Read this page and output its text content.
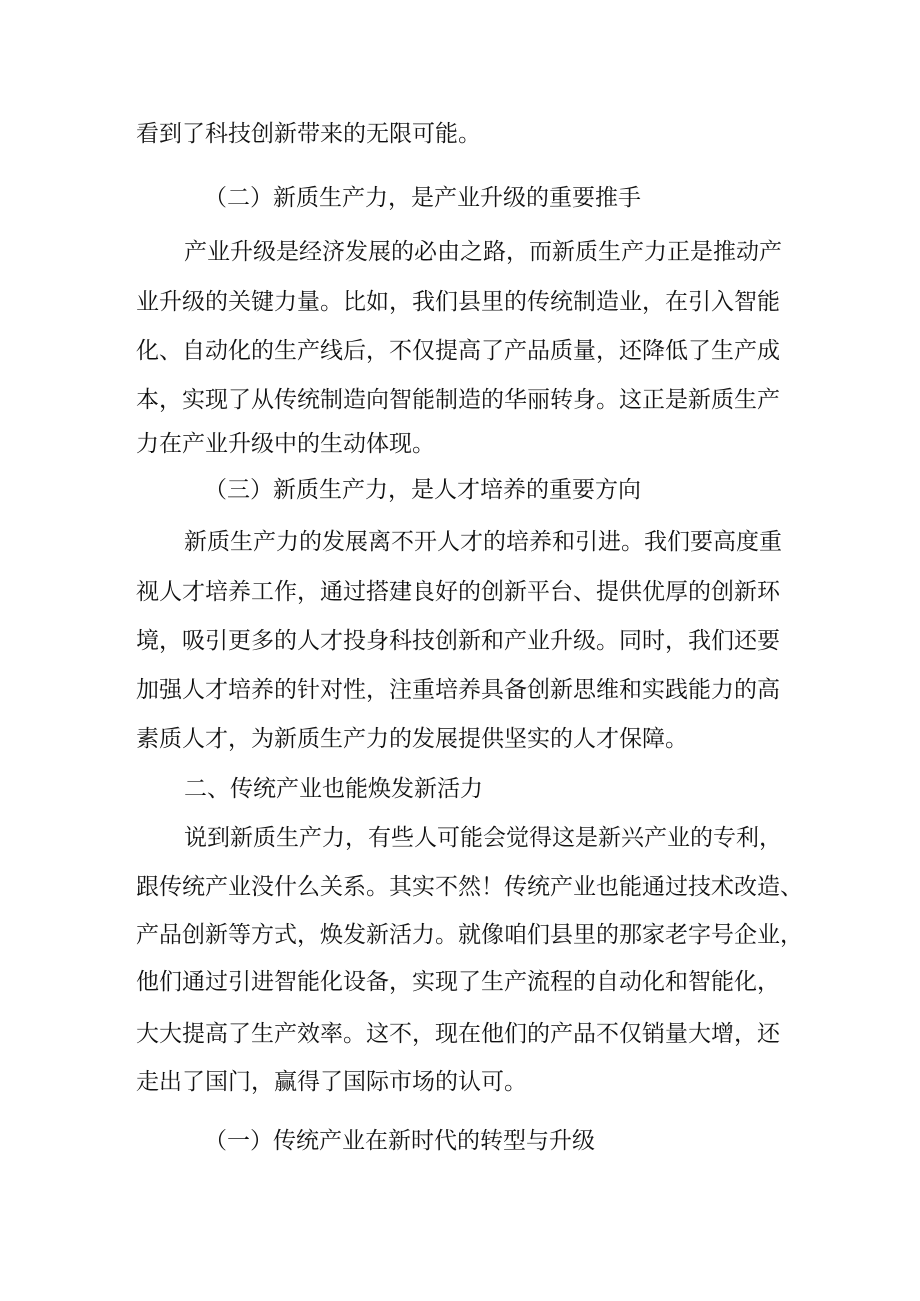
看到了科技创新带来的无限可能。
（二）新质生产力，是产业升级的重要推手
产业升级是经济发展的必由之路，而新质生产力正是推动产
业升级的关键力量。比如，我们县里的传统制造业，在引入智能
化、自动化的生产线后，不仅提高了产品质量，还降低了生产成
本，实现了从传统制造向智能制造的华丽转身。这正是新质生产
力在产业升级中的生动体现。
（三）新质生产力，是人才培养的重要方向
新质生产力的发展离不开人才的培养和引进。我们要高度重
视人才培养工作，通过搭建良好的创新平台、提供优厚的创新环
境，吸引更多的人才投身科技创新和产业升级。同时，我们还要
加强人才培养的针对性，注重培养具备创新思维和实践能力的高
素质人才，为新质生产力的发展提供坚实的人才保障。
二、传统产业也能焕发新活力
说到新质生产力，有些人可能会觉得这是新兴产业的专利，
跟传统产业没什么关系。其实不然！传统产业也能通过技术改造、
产品创新等方式，焕发新活力。就像咱们县里的那家老字号企业，
他们通过引进智能化设备，实现了生产流程的自动化和智能化，
大大提高了生产效率。这不，现在他们的产品不仅销量大增，还
走出了国门，赢得了国际市场的认可。
（一）传统产业在新时代的转型与升级
